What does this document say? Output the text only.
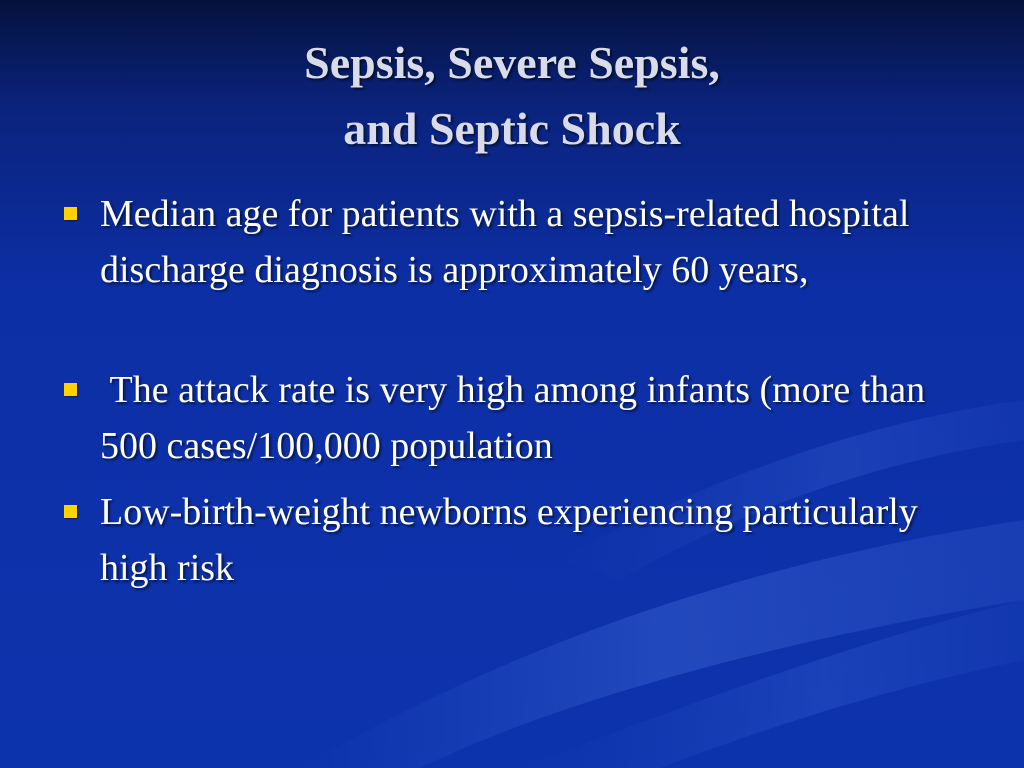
Sepsis, Severe Sepsis,
and Septic Shock
Median age for patients with a sepsis-related hospital discharge diagnosis is approximately 60 years,
The attack rate is very high among infants (more than 500 cases/100,000 population
Low-birth-weight newborns experiencing particularly high risk
